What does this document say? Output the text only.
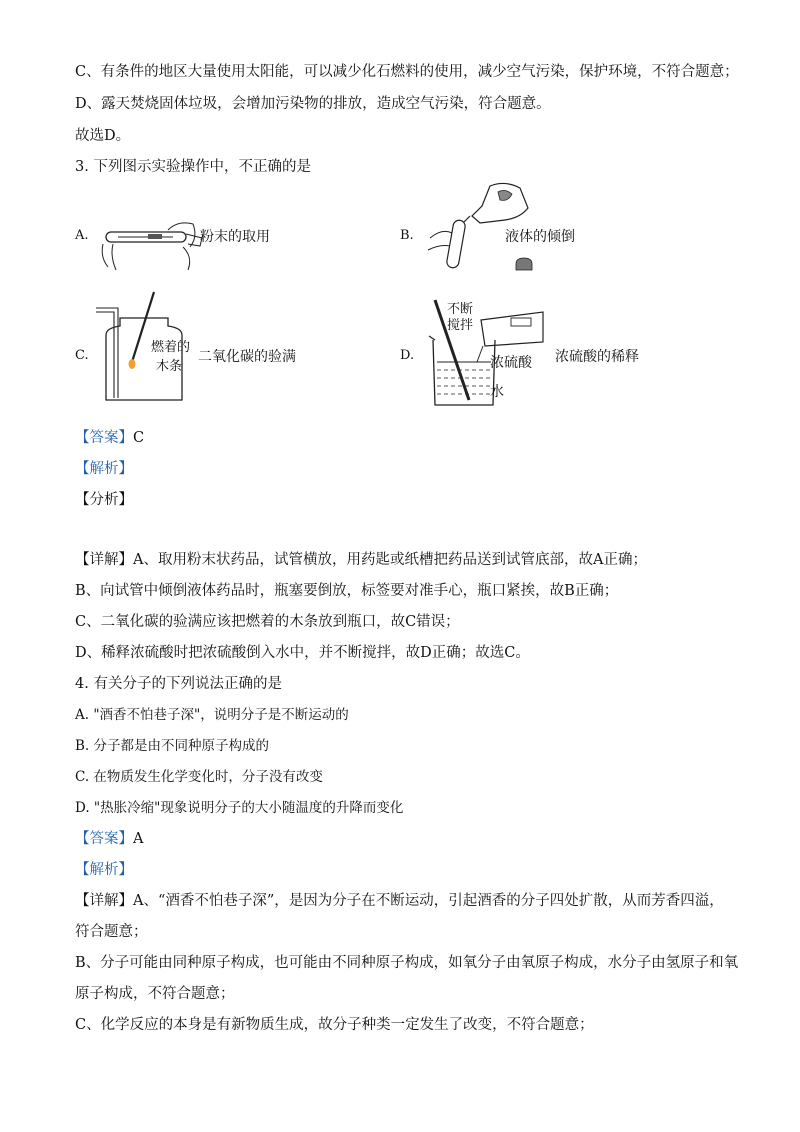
C、有条件的地区大量使用太阳能，可以减少化石燃料的使用，减少空气污染，保护环境，不符合题意；
D、露天焚烧固体垃圾，会增加污染物的排放，造成空气污染，符合题意。
故选D。
3. 下列图示实验操作中，不正确的是
A.	粉末的取用	B.	液体的倾倒
C.
燃着的
木条
二氧化碳的验满	D.
不断
搅拌
浓硫酸
水
浓硫酸的稀释
【答案】C
【解析】
【分析】
【详解】A、取用粉末状药品，试管横放，用药匙或纸槽把药品送到试管底部，故A正确；
B、向试管中倾倒液体药品时，瓶塞要倒放，标签要对准手心，瓶口紧挨，故B正确；
C、二氧化碳的验满应该把燃着的木条放到瓶口，故C错误；
D、稀释浓硫酸时把浓硫酸倒入水中，并不断搅拌，故D正确；故选C。
4. 有关分子的下列说法正确的是
A. "酒香不怕巷子深"，说明分子是不断运动的
B. 分子都是由不同种原子构成的
C. 在物质发生化学变化时，分子没有改变
D. "热胀冷缩"现象说明分子的大小随温度的升降而变化
【答案】A
【解析】
【详解】A、“酒香不怕巷子深”，是因为分子在不断运动，引起酒香的分子四处扩散，从而芳香四溢，
符合题意；
B、分子可能由同种原子构成，也可能由不同种原子构成，如氧分子由氧原子构成，水分子由氢原子和氧
原子构成，不符合题意；
C、化学反应的本身是有新物质生成，故分子种类一定发生了改变，不符合题意；
